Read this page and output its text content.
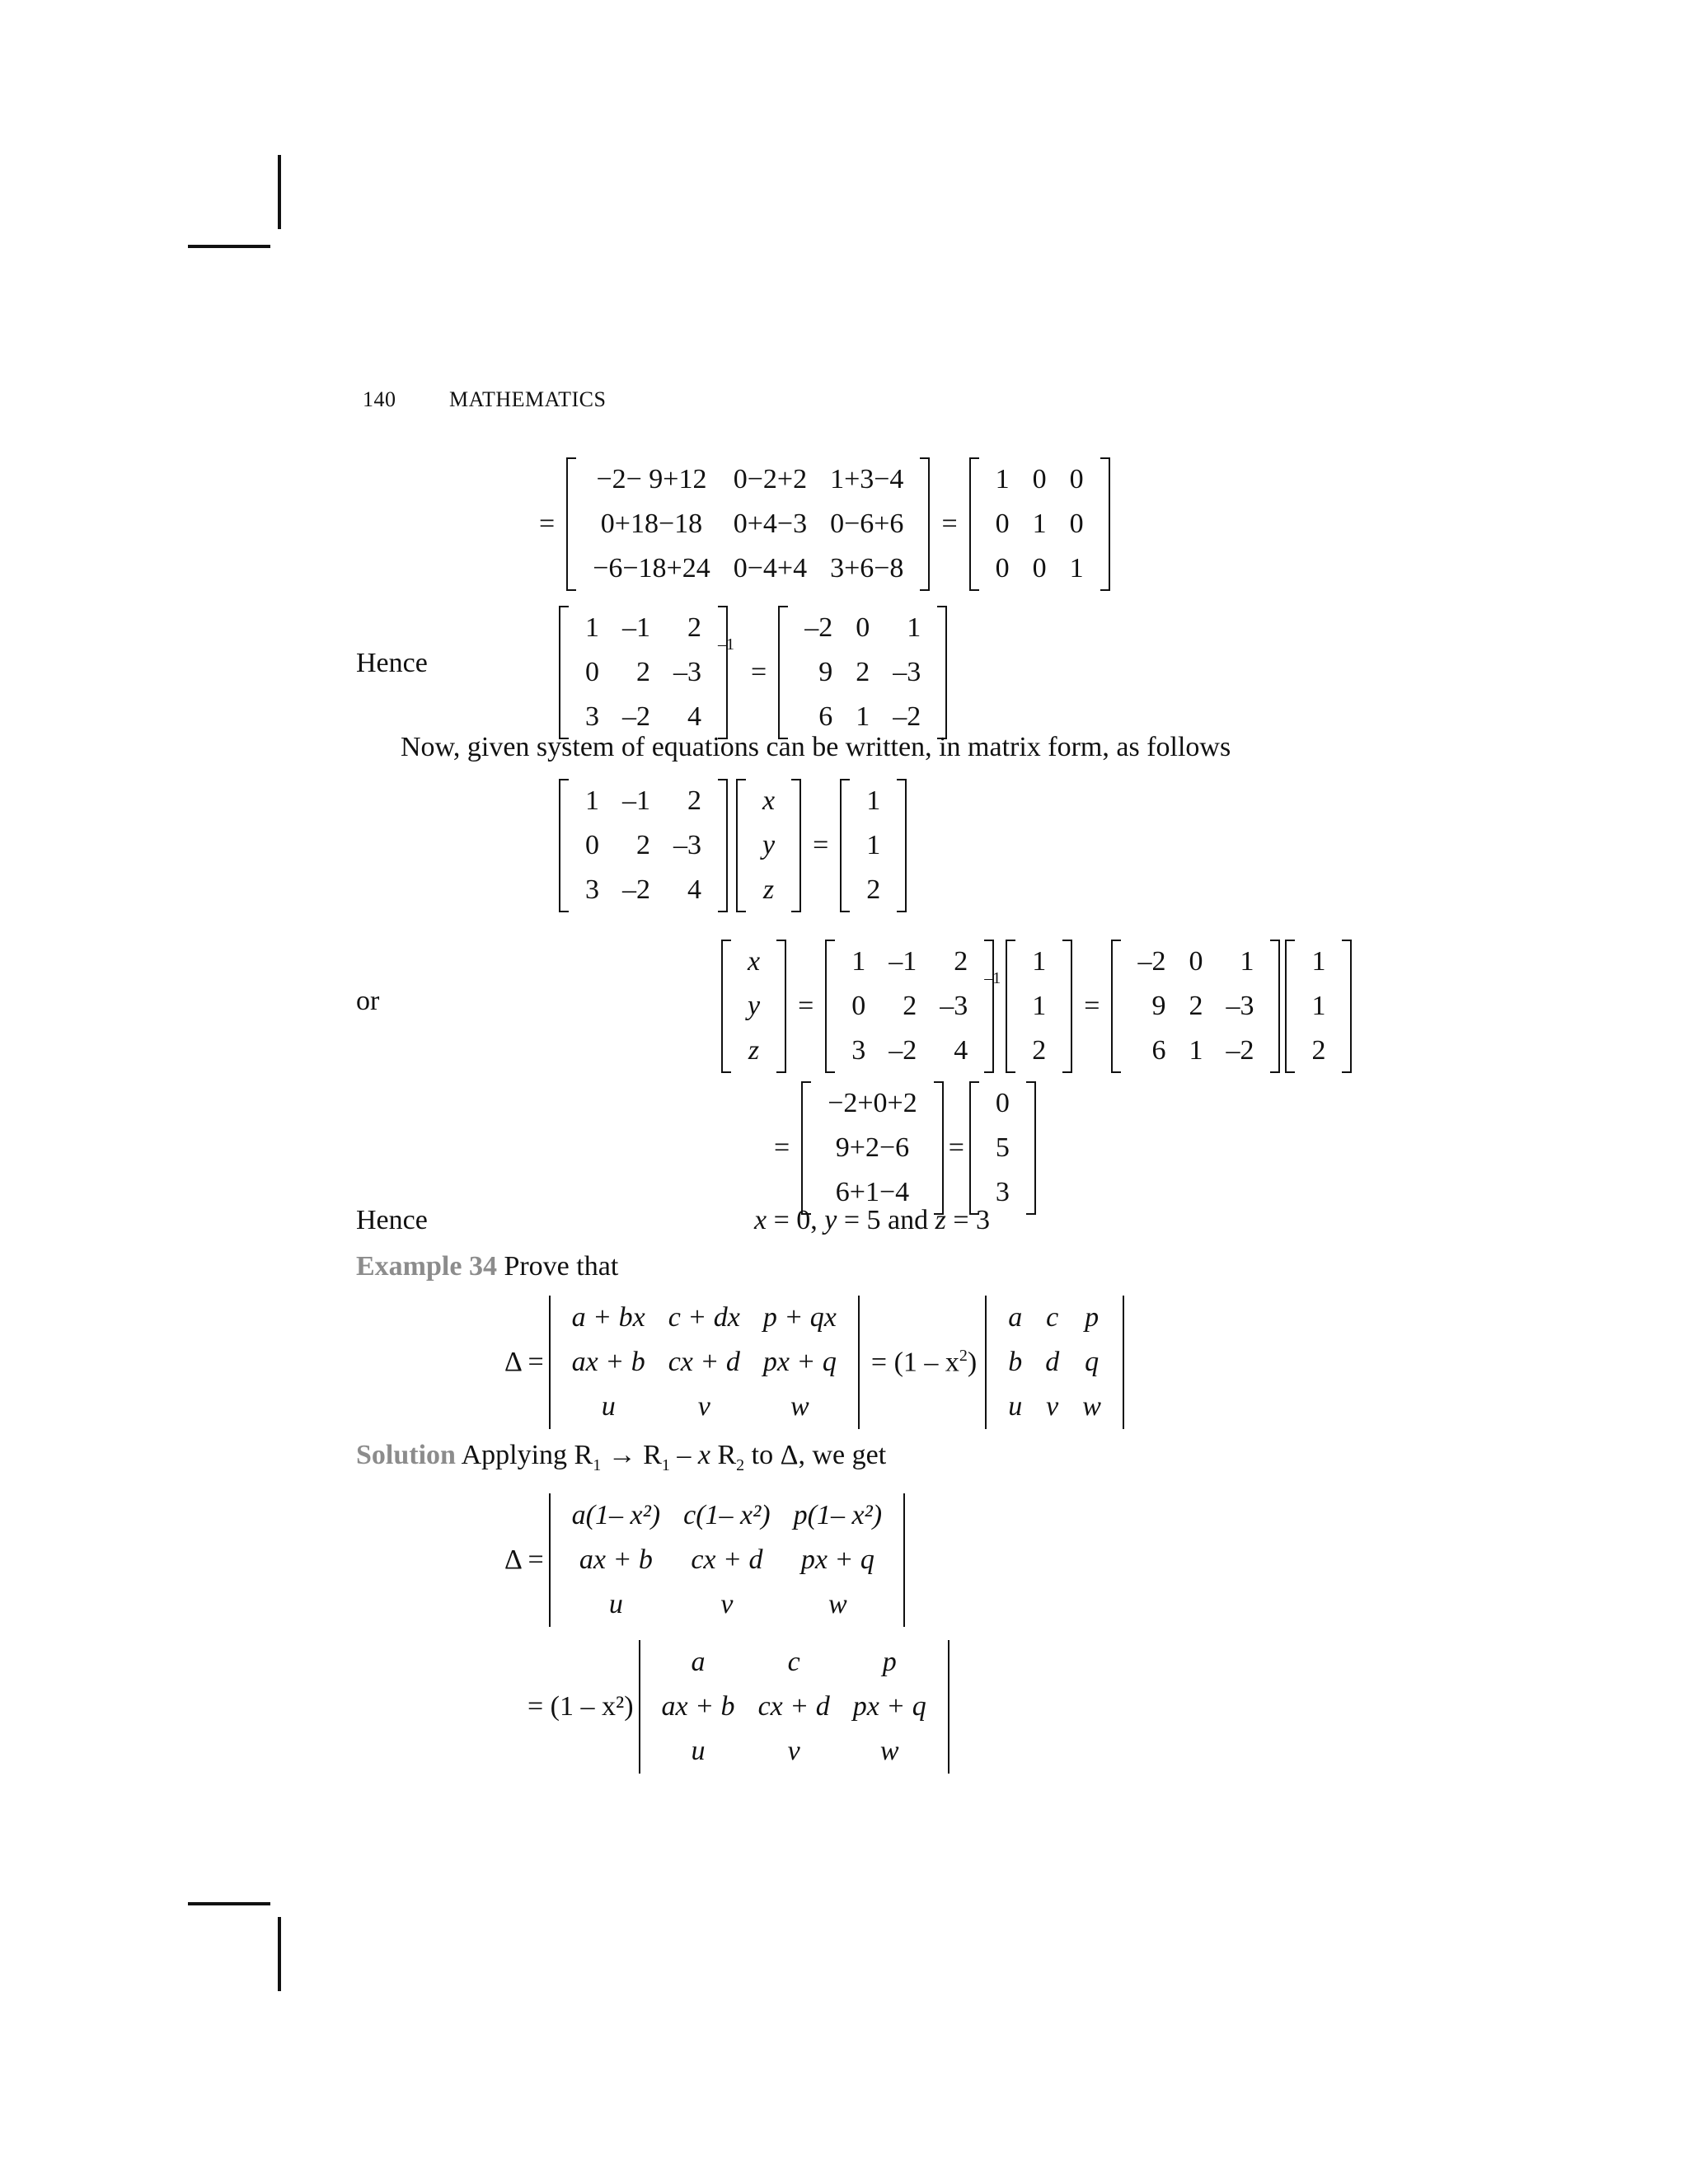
140 MATHEMATICS
=
−2− 9+12	0−2+2	1+3−4
0+18−18	0+4−3	0−6+6
−6−18+24	0−4+4	3+6−8
=
1	0	0
0	1	0
0	0	1
Hence
1	–1	2
0	2	–3
3	–2	4
–1
=
–2	0	1
9	2	–3
6	1	–2
Now, given system of equations can be written, in matrix form, as follows
1	–1	2
0	2	–3
3	–2	4
x
y
z
=
1
1
2
or
x
y
z
=
1	–1	2
0	2	–3
3	–2	4
–1
1
1
2
=
–2	0	1
9	2	–3
6	1	–2
1
1
2
=
−2+0+2
9+2−6
6+1−4
=
0
5
3
Hence	x = 0, y = 5 and z = 3
Example 34 Prove that
Δ =
a + bx	c + dx	p + qx
ax + b	cx + d	px + q
u	v	w
= $(1 - x^2)$
a	c	p
b	d	q
u	v	w
Solution Applying $R_1 \to R_1 - x$ $R_2$ to Δ, we get
Δ =
a(1– x²)	c(1– x²)	p(1– x²)
ax + b	cx + d	px + q
u	v	w
= (1 – x²)
a	c	p
ax + b	cx + d	px + q
u	v	w
